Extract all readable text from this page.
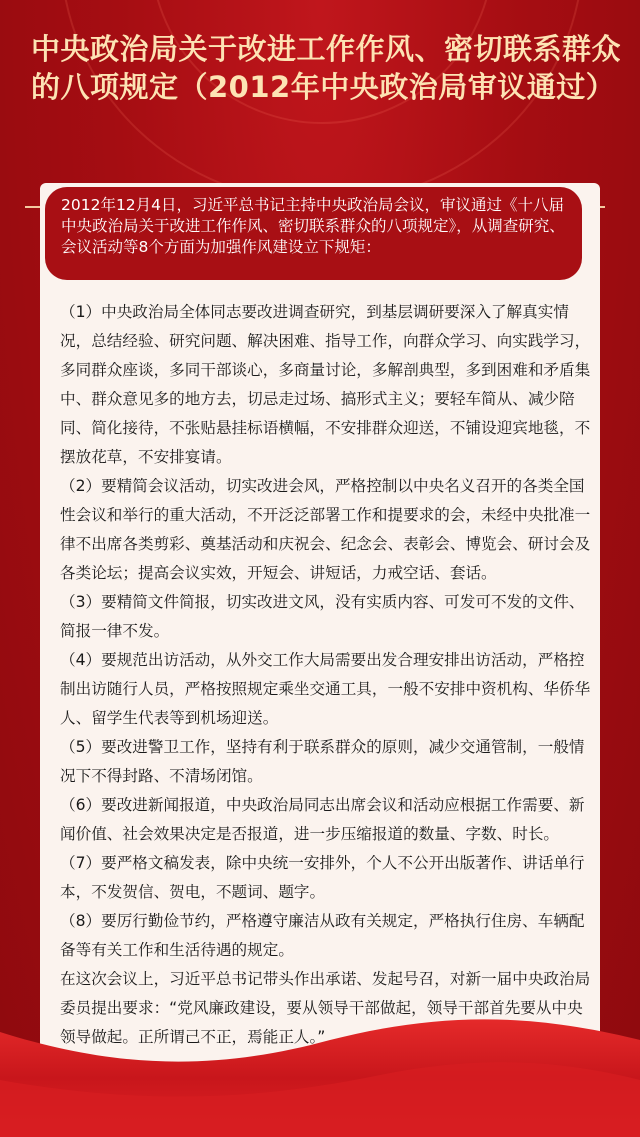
中央政治局关于改进工作作风、密切联系群众的八项规定（2012年中央政治局审议通过）

2012年12月4日，习近平总书记主持中央政治局会议，审议通过《十八届中央政治局关于改进工作作风、密切联系群众的八项规定》，从调查研究、会议活动等8个方面为加强作风建设立下规矩：

（1）中央政治局全体同志要改进调查研究，到基层调研要深入了解真实情况，总结经验、研究问题、解决困难、指导工作，向群众学习、向实践学习，多同群众座谈，多同干部谈心，多商量讨论，多解剖典型，多到困难和矛盾集中、群众意见多的地方去，切忌走过场、搞形式主义；要轻车简从、减少陪同、简化接待，不张贴悬挂标语横幅，不安排群众迎送，不铺设迎宾地毯，不摆放花草，不安排宴请。

（2）要精简会议活动，切实改进会风，严格控制以中央名义召开的各类全国性会议和举行的重大活动，不开泛泛部署工作和提要求的会，未经中央批准一律不出席各类剪彩、奠基活动和庆祝会、纪念会、表彰会、博览会、研讨会及各类论坛；提高会议实效，开短会、讲短话，力戒空话、套话。

（3）要精简文件简报，切实改进文风，没有实质内容、可发可不发的文件、简报一律不发。

（4）要规范出访活动，从外交工作大局需要出发合理安排出访活动，严格控制出访随行人员，严格按照规定乘坐交通工具，一般不安排中资机构、华侨华人、留学生代表等到机场迎送。

（5）要改进警卫工作，坚持有利于联系群众的原则，减少交通管制，一般情况下不得封路、不清场闭馆。

（6）要改进新闻报道，中央政治局同志出席会议和活动应根据工作需要、新闻价值、社会效果决定是否报道，进一步压缩报道的数量、字数、时长。

（7）要严格文稿发表，除中央统一安排外，个人不公开出版著作、讲话单行本，不发贺信、贺电，不题词、题字。

（8）要厉行勤俭节约，严格遵守廉洁从政有关规定，严格执行住房、车辆配备等有关工作和生活待遇的规定。

在这次会议上，习近平总书记带头作出承诺、发起号召，对新一届中央政治局委员提出要求：“党风廉政建设，要从领导干部做起，领导干部首先要从中央领导做起。正所谓己不正，焉能正人。”
